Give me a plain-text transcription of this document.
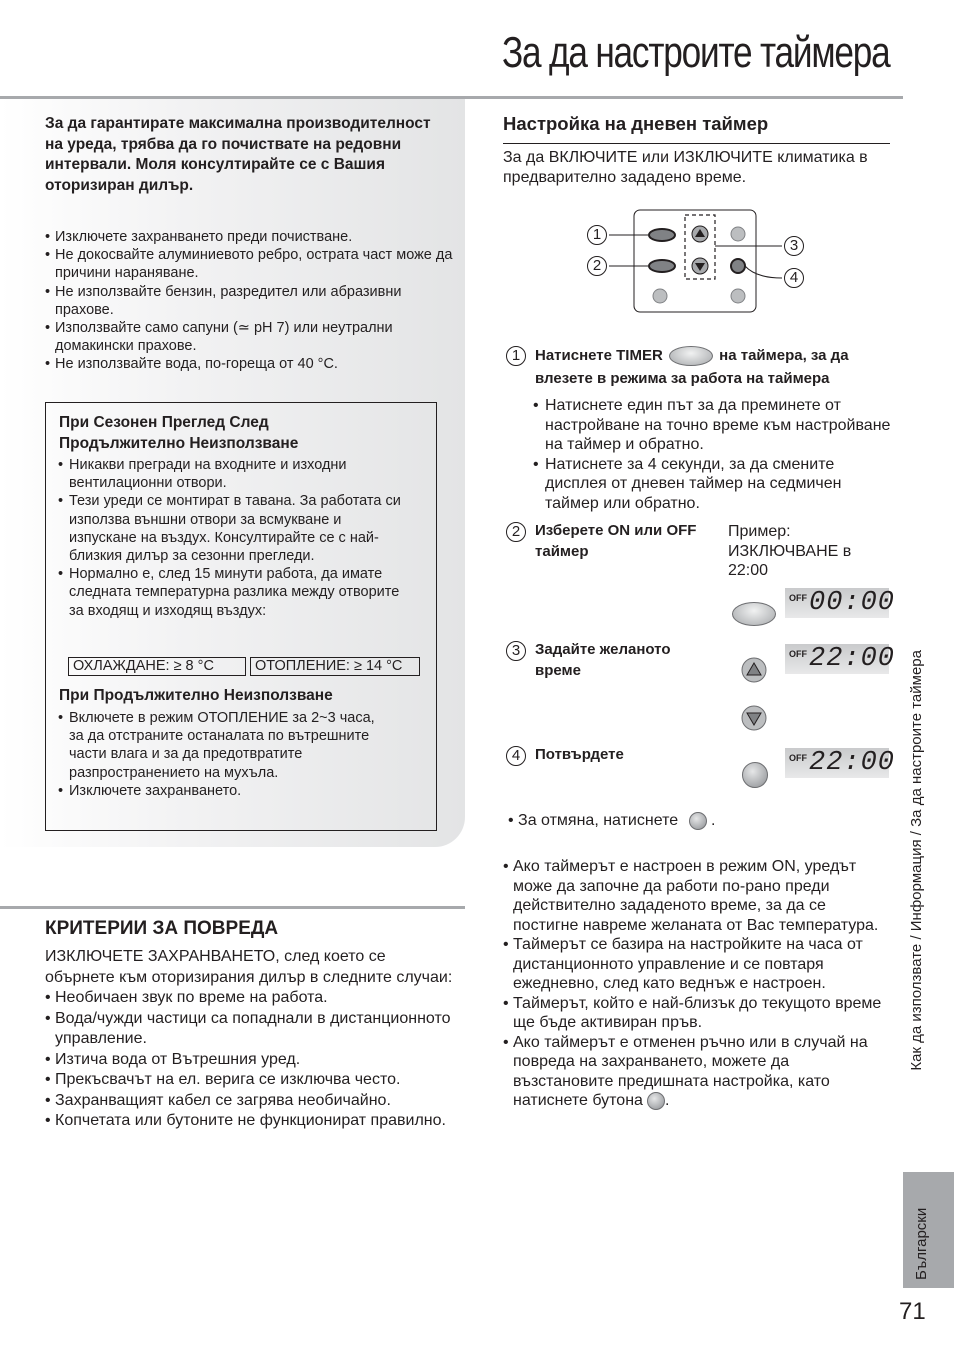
За да настроите таймера
За да гарантирате максимална производителност на уреда, трябва да го почиствате на редовни интервали. Моля консултирайте се с Вашия оторизиран дилър.
• Изключете захранването преди почистване.
• Не докосвайте алуминиевото ребро, острата част може да причини нараняване.
• Не използвайте бензин, разредител или абразивни прахове.
• Използвайте само сапуни (≃ pH 7) или неутрални домакински прахове.
• Не използвайте вода, по-гореща от 40 °C.
При Сезонен Преглед След Продължително Неизползване
• Никакви прегради на входните и изходни вентилационни отвори.
• Тези уреди се монтират в тавана. За работата си използва външни отвори за всмукване и изпускане на въздух. Консултирайте се с най-близкия дилър за сезонни прегледи.
• Нормално е, след 15 минути работа, да имате следната температурна разлика между отворите за входящ и изходящ въздух:
ОХЛАЖДАНЕ: ≥ 8 °C	ОТОПЛЕНИЕ: ≥ 14 °C
При Продължително Неизползване
• Включете в режим ОТОПЛЕНИЕ за 2~3 часа, за да отстраните останалата по вътрешните части влага и за да предотвратите разпространението на мухъла.
• Изключете захранването.
КРИТЕРИИ ЗА ПОВРЕДА
ИЗКЛЮЧЕТЕ ЗАХРАНВАНЕТО, след което се обърнете към оторизирания дилър в следните случаи:
• Необичаен звук по време на работа.
• Вода/чужди частици са попаднали в дистанционното управление.
• Изтича вода от Вътрешния уред.
• Прекъсвачът на ел. верига се изключва често.
• Захранващият кабел се загрява необичайно.
• Копчетата или бутоните не функционират правилно.
Настройка на дневен таймер
За да ВКЛЮЧИТЕ или ИЗКЛЮЧИТЕ климатика в предварително зададено време.
1
2
3
4
1 Натиснете TIMER	на таймера, за да влезете в режима за работа на таймера
• Натиснете един път за да преминете от настройване на точно време към настройване на таймер и обратно.
• Натиснете за 4 секунди, за да смените дисплея от дневен таймер на седмичен таймер или обратно.
2 Изберете ON или OFF таймер
Пример: ИЗКЛЮЧВАНЕ в 22:00
OFF 00:00
3 Задайте желаното време
OFF 22:00
4 Потвърдете	OFF 22:00
• За отмяна, натиснете  .
• Ако таймерът е настроен в режим ON, уредът може да започне да работи по-рано преди действително зададеното време, за да се постигне навреме желаната от Вас температура.
• Таймерът се базира на настройките на часа от дистанционното управление и се повтаря ежедневно, след като веднъж е настроен.
• Таймерът, който е най-близък до текущото време ще бъде активиран пръв.
• Ако таймерът е отменен ръчно или в случай на повреда на захранването, можете да възстановите предишната настройка, като натиснете бутона .
Как да използвате / Информация / За да настроите таймера
Български
71
